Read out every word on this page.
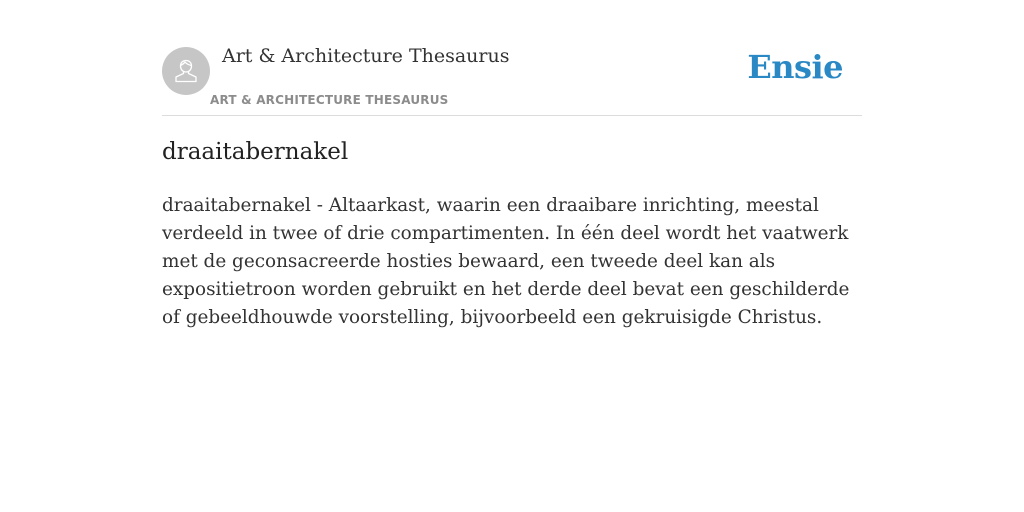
Art & Architecture Thesaurus
ART & ARCHITECTURE THESAURUS
Ensie
draaitabernakel

draaitabernakel - Altaarkast, waarin een draaibare inrichting, meestal verdeeld in twee of drie compartimenten. In één deel wordt het vaatwerk met de geconsacreerde hosties bewaard, een tweede deel kan als expositietroon worden gebruikt en het derde deel bevat een geschilderde of gebeeldhouwde voorstelling, bijvoorbeeld een gekruisigde Christus.
